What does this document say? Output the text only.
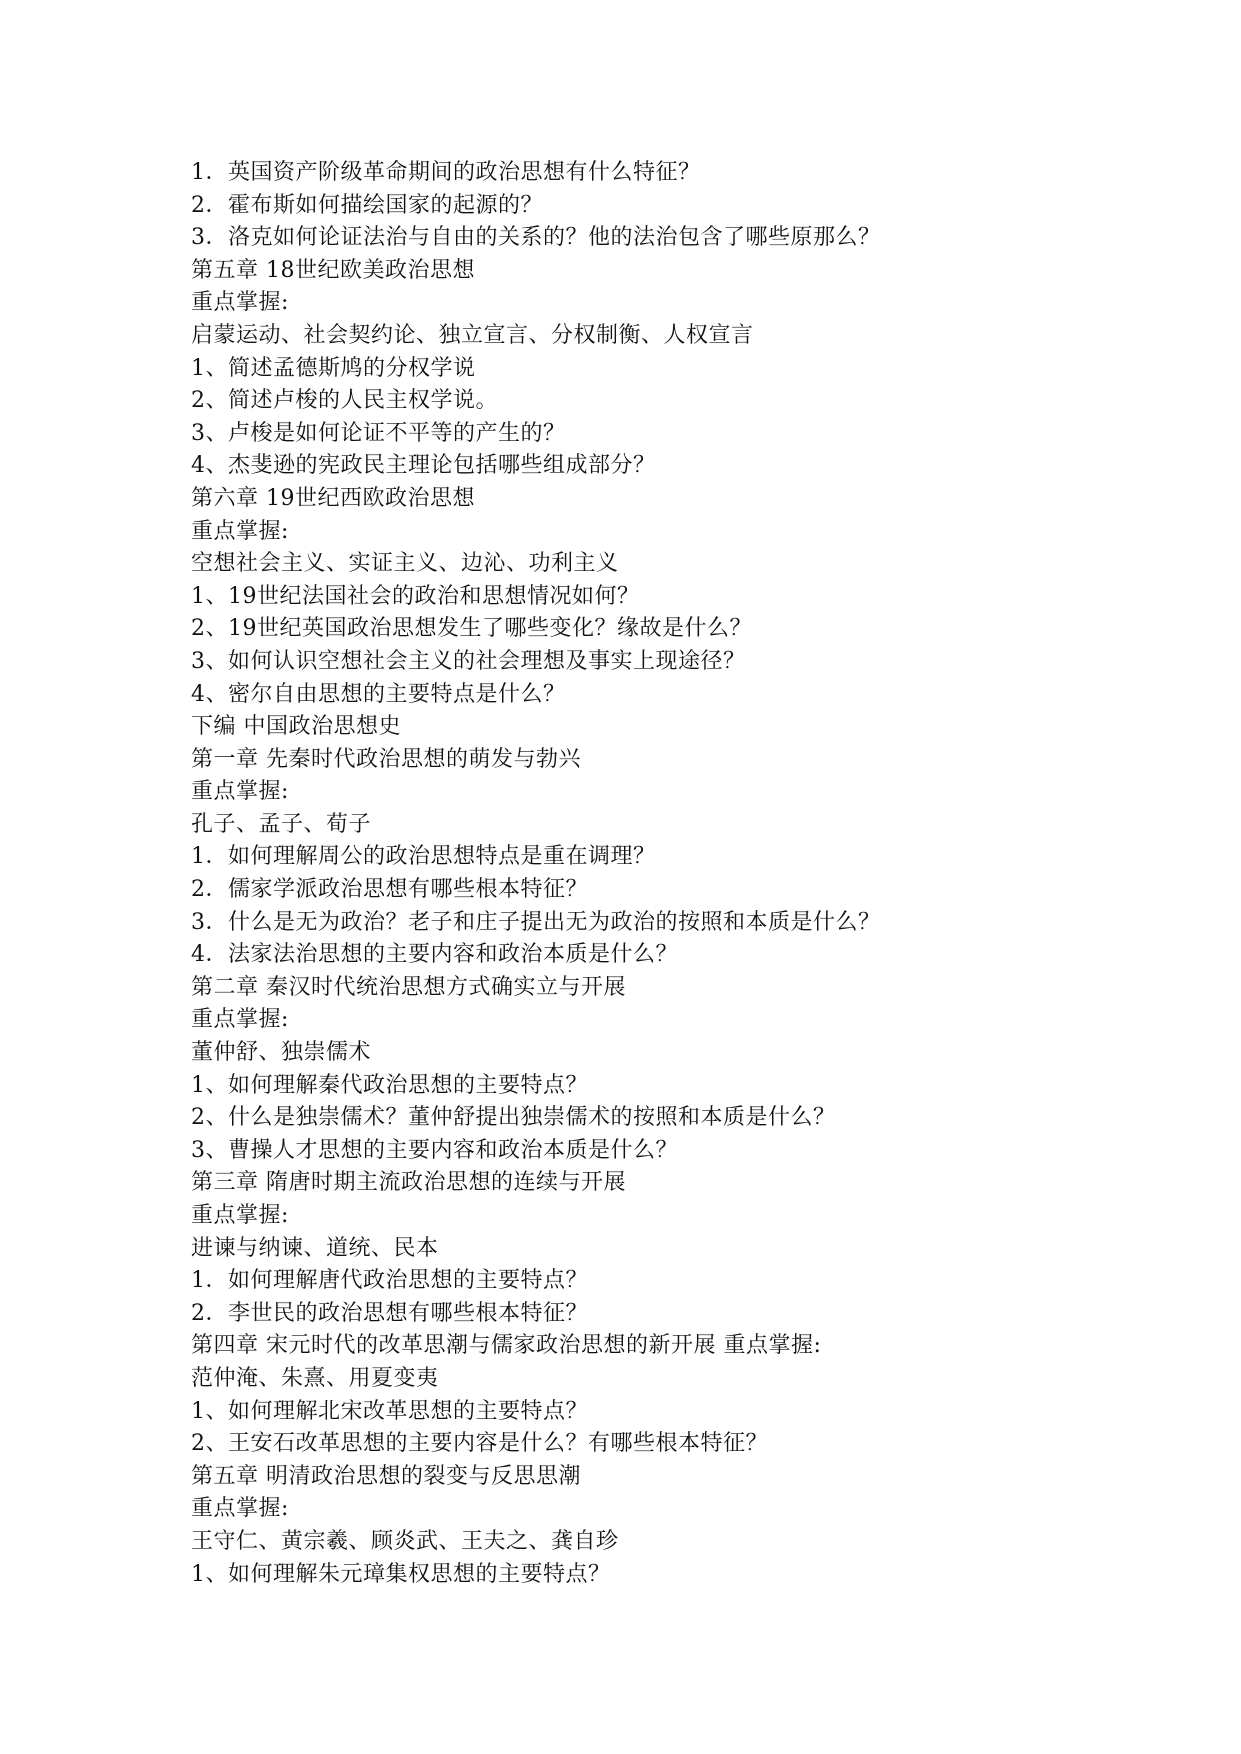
1．英国资产阶级革命期间的政治思想有什么特征？
2．霍布斯如何描绘国家的起源的？
3．洛克如何论证法治与自由的关系的？他的法治包含了哪些原那么？
第五章 18世纪欧美政治思想
重点掌握:
启蒙运动、社会契约论、独立宣言、分权制衡、人权宣言
1、简述孟德斯鸠的分权学说
2、简述卢梭的人民主权学说。
3、卢梭是如何论证不平等的产生的？
4、杰斐逊的宪政民主理论包括哪些组成部分？
第六章 19世纪西欧政治思想
重点掌握:
空想社会主义、实证主义、边沁、功利主义
1、19世纪法国社会的政治和思想情况如何？
2、19世纪英国政治思想发生了哪些变化？缘故是什么？
3、如何认识空想社会主义的社会理想及事实上现途径？
4、密尔自由思想的主要特点是什么？
下编 中国政治思想史
第一章 先秦时代政治思想的萌发与勃兴
重点掌握:
孔子、孟子、荀子
1．如何理解周公的政治思想特点是重在调理？
2．儒家学派政治思想有哪些根本特征？
3．什么是无为政治？老子和庄子提出无为政治的按照和本质是什么？
4．法家法治思想的主要内容和政治本质是什么？
第二章 秦汉时代统治思想方式确实立与开展
重点掌握:
董仲舒、独崇儒术
1、如何理解秦代政治思想的主要特点？
2、什么是独崇儒术？董仲舒提出独崇儒术的按照和本质是什么？
3、曹操人才思想的主要内容和政治本质是什么？
第三章 隋唐时期主流政治思想的连续与开展
重点掌握:
进谏与纳谏、道统、民本
1．如何理解唐代政治思想的主要特点？
2．李世民的政治思想有哪些根本特征？
第四章 宋元时代的改革思潮与儒家政治思想的新开展 重点掌握:
范仲淹、朱熹、用夏变夷
1、如何理解北宋改革思想的主要特点？
2、王安石改革思想的主要内容是什么？有哪些根本特征？
第五章 明清政治思想的裂变与反思思潮
重点掌握:
王守仁、黄宗羲、顾炎武、王夫之、龚自珍
1、如何理解朱元璋集权思想的主要特点？
